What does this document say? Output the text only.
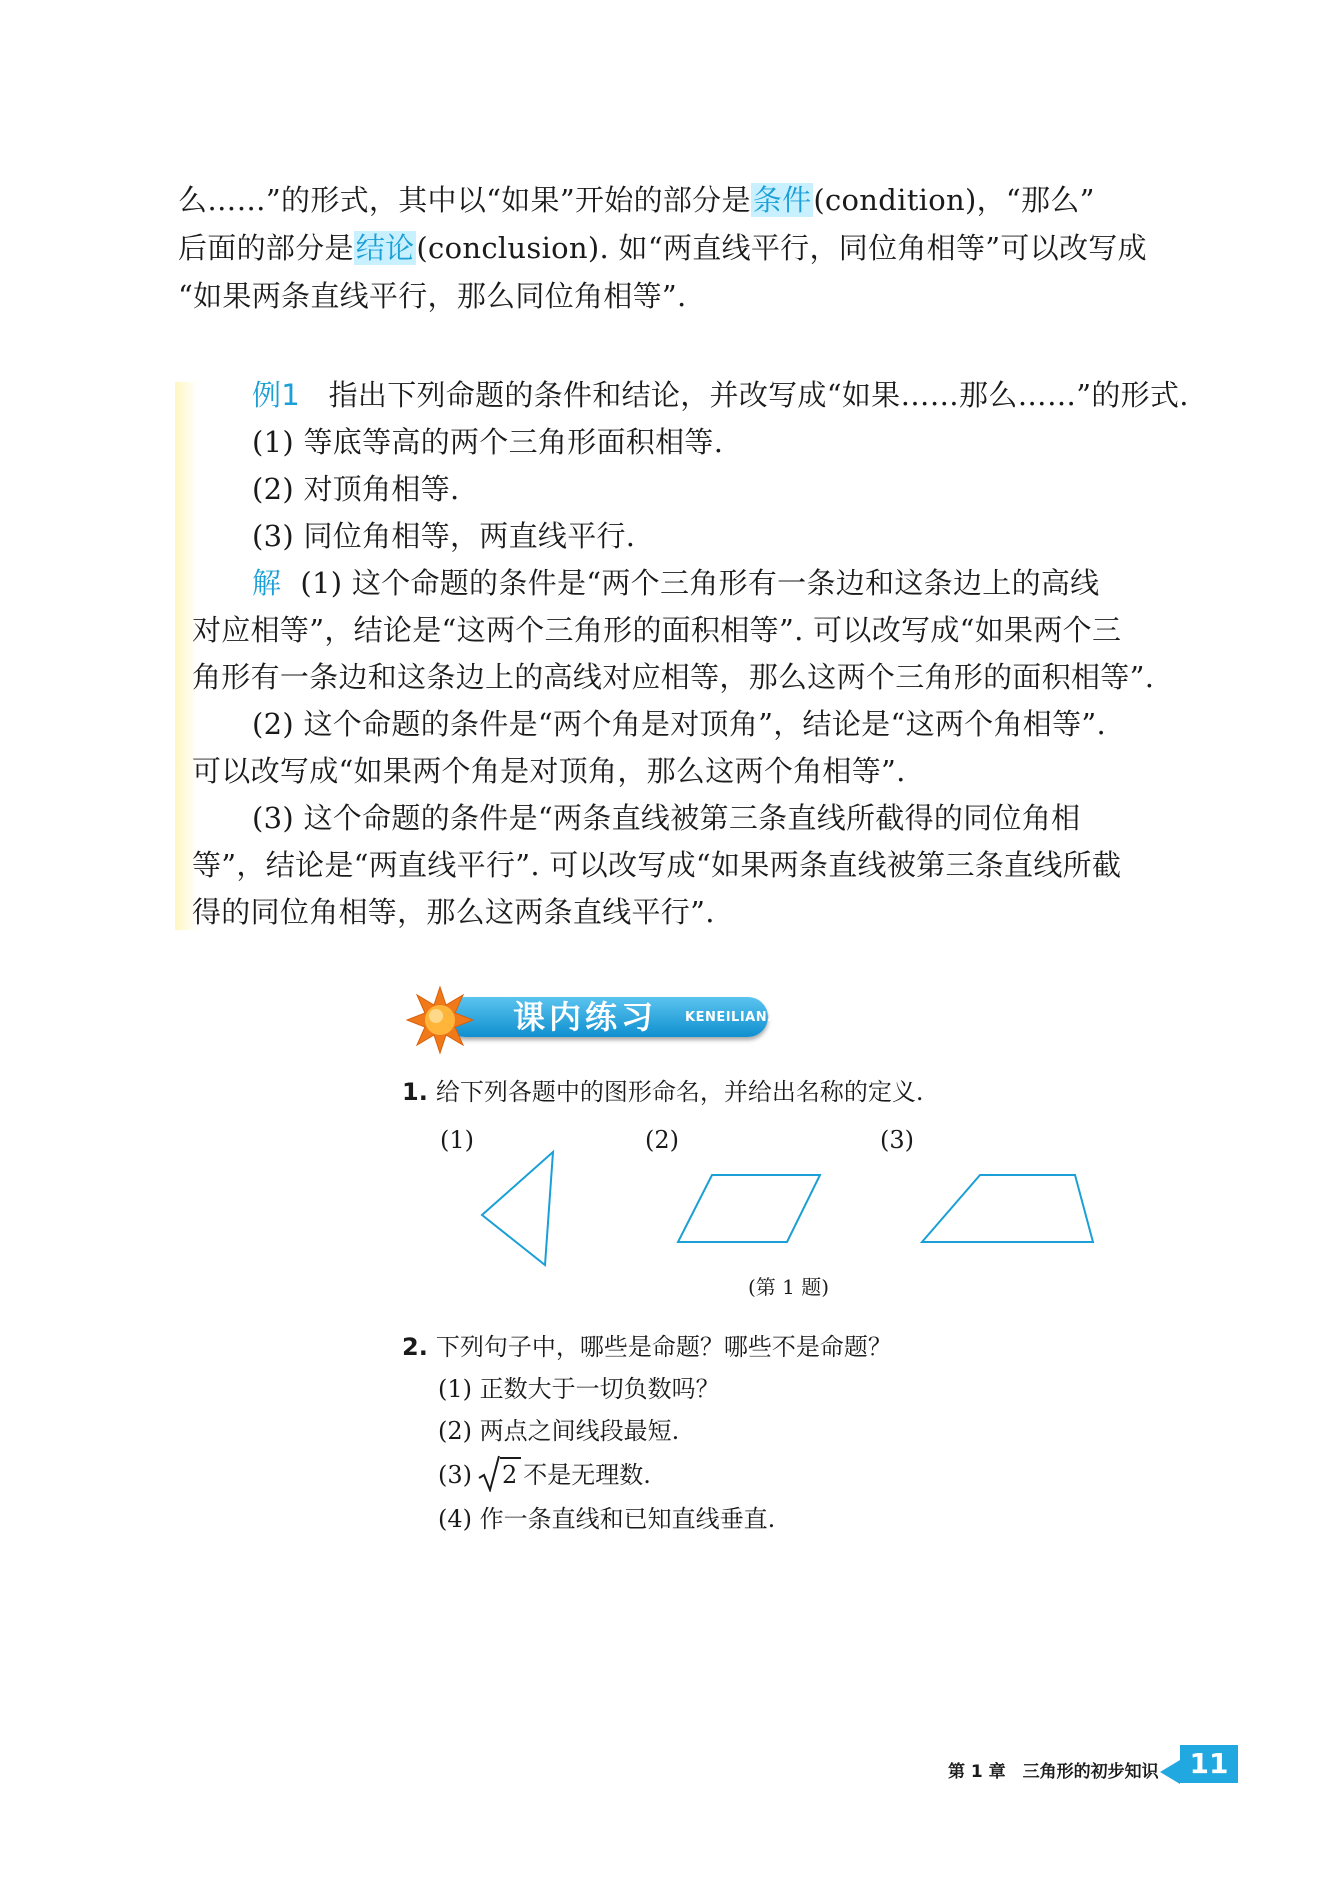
么……”的形式，其中以“如果”开始的部分是条件(condition)，“那么”
后面的部分是结论(conclusion). 如“两直线平行，同位角相等”可以改写成
“如果两条直线平行，那么同位角相等”.
例1 指出下列命题的条件和结论，并改写成“如果……那么……”的形式.
(1) 等底等高的两个三角形面积相等.
(2) 对顶角相等.
(3) 同位角相等，两直线平行.
解 (1) 这个命题的条件是“两个三角形有一条边和这条边上的高线
对应相等”，结论是“这两个三角形的面积相等”. 可以改写成“如果两个三
角形有一条边和这条边上的高线对应相等，那么这两个三角形的面积相等”.
(2) 这个命题的条件是“两个角是对顶角”，结论是“这两个角相等”.
可以改写成“如果两个角是对顶角，那么这两个角相等”.
(3) 这个命题的条件是“两条直线被第三条直线所截得的同位角相
等”，结论是“两直线平行”. 可以改写成“如果两条直线被第三条直线所截
得的同位角相等，那么这两条直线平行”.
课内练习 KENEILIANXI
1. 给下列各题中的图形命名，并给出名称的定义.
(1)	(2)	(3)
(第 1 题)
2. 下列句子中，哪些是命题？哪些不是命题？
(1) 正数大于一切负数吗？
(2) 两点之间线段最短.
(3) 2 不是无理数.
(4) 作一条直线和已知直线垂直.
第 1 章　三角形的初步知识	11
